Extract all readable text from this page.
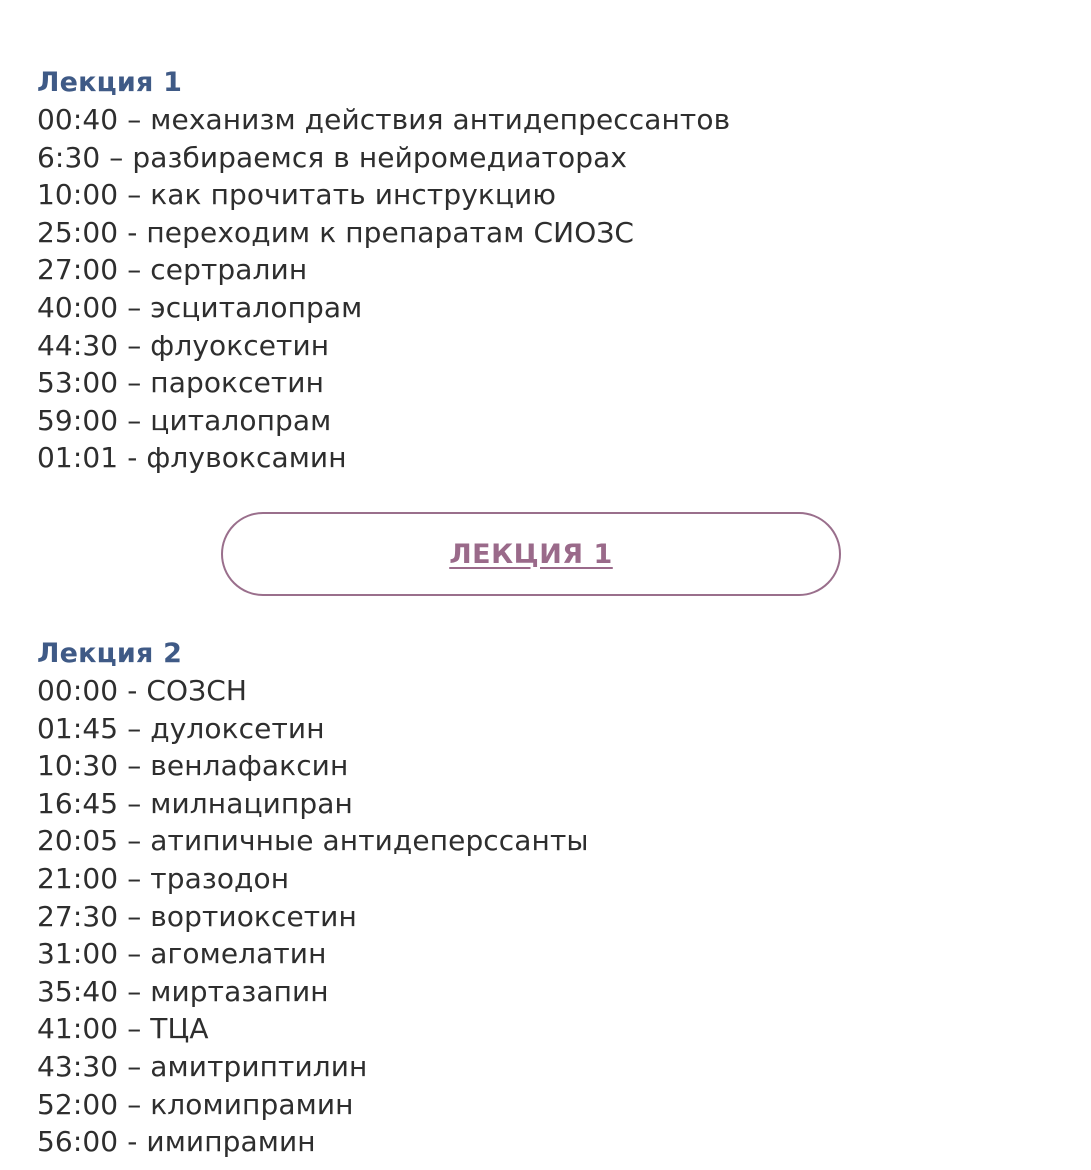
Лекция 1
00:40 – механизм действия антидепрессантов
6:30 – разбираемся в нейромедиаторах
10:00 – как прочитать инструкцию
25:00 - переходим к препаратам СИОЗС
27:00 – сертралин
40:00 – эсциталопрам
44:30 – флуоксетин
53:00 – пароксетин
59:00 – циталопрам
01:01 - флувоксамин
ЛЕКЦИЯ 1
Лекция 2
00:00 - СОЗСН
01:45 – дулоксетин
10:30 – венлафаксин
16:45 – милнаципран
20:05 – атипичные антидеперссанты
21:00 – тразодон
27:30 – вортиоксетин
31:00 – агомелатин
35:40 – миртазапин
41:00 – ТЦА
43:30 – амитриптилин
52:00 – кломипрамин
56:00 - имипрамин
